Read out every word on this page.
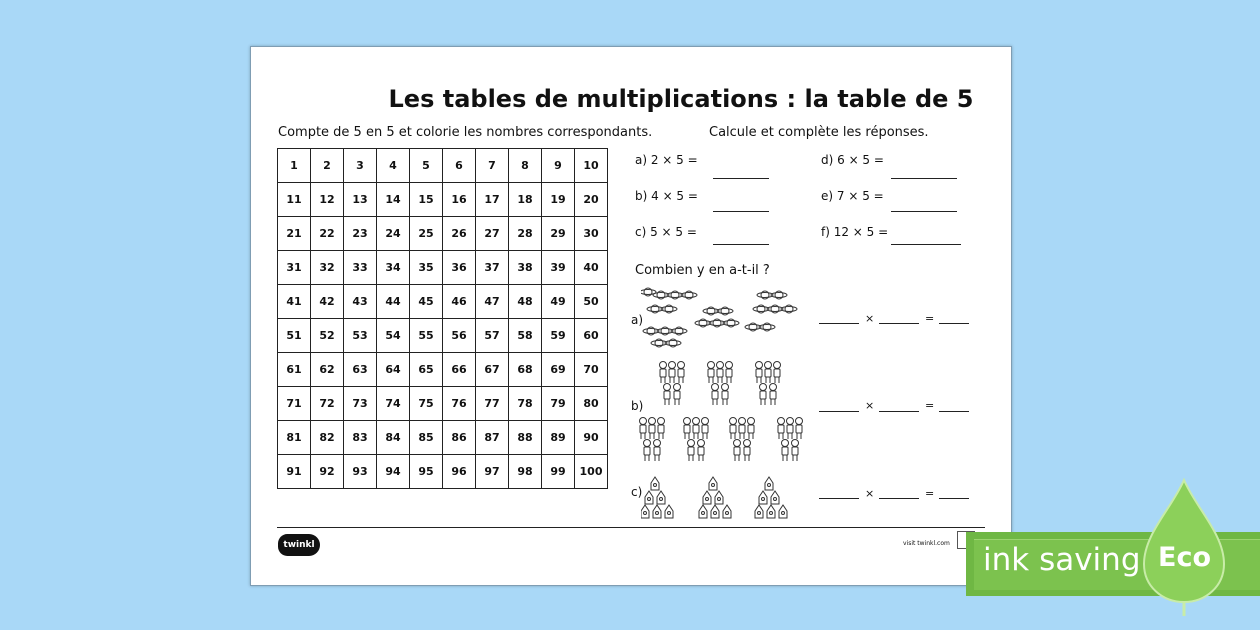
Les tables de multiplications : la table de 5
Compte de 5 en 5 et colorie les nombres correspondants.	Calcule et complète les réponses.
1	2	3	4	5	6	7	8	9	10
11	12	13	14	15	16	17	18	19	20
21	22	23	24	25	26	27	28	29	30
31	32	33	34	35	36	37	38	39	40
41	42	43	44	45	46	47	48	49	50
51	52	53	54	55	56	57	58	59	60
61	62	63	64	65	66	67	68	69	70
71	72	73	74	75	76	77	78	79	80
81	82	83	84	85	86	87	88	89	90
91	92	93	94	95	96	97	98	99	100
a) 2 × 5 =
b) 4 × 5 =
c) 5 × 5 =
d) 6 × 5 =
e) 7 × 5 =
f) 12 × 5 =
Combien y en a-t-il ?
a)	×	=
b)	×	=
c)	×	=
twinkl	visit twinkl.com ink saving Eco
